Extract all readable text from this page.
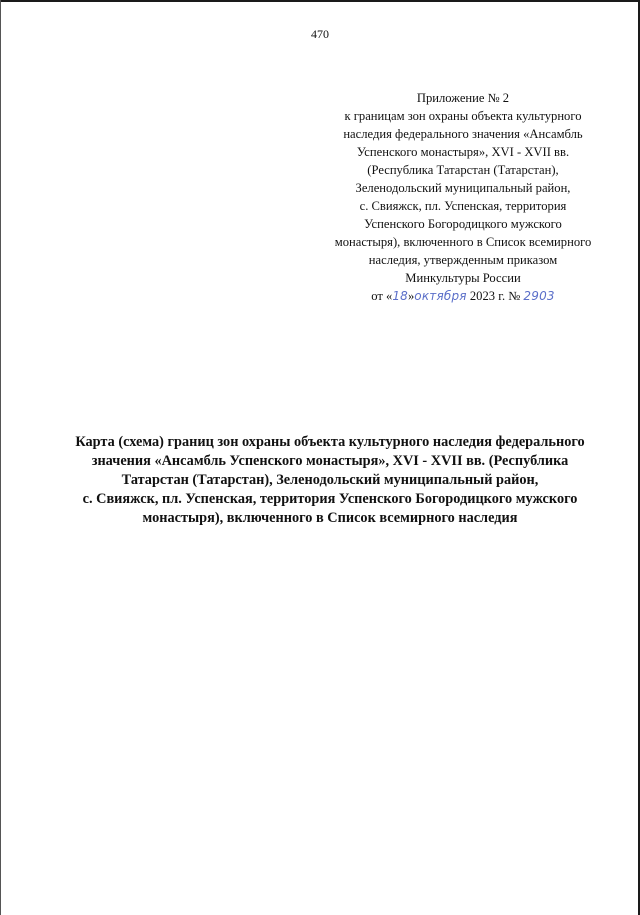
470
Приложение № 2
к границам зон охраны объекта культурного
наследия федерального значения «Ансамбль
Успенского монастыря», XVI - XVII вв.
(Республика Татарстан (Татарстан),
Зеленодольский муниципальный район,
с. Свияжск, пл. Успенская, территория
Успенского Богородицкого мужского
монастыря), включенного в Список всемирного
наследия, утвержденным приказом
Минкультуры России
от «18»октября 2023 г. № 2903
Карта (схема) границ зон охраны объекта культурного наследия федерального
значения «Ансамбль Успенского монастыря», XVI - XVII вв. (Республика
Татарстан (Татарстан), Зеленодольский муниципальный район,
с. Свияжск, пл. Успенская, территория Успенского Богородицкого мужского
монастыря), включенного в Список всемирного наследия
